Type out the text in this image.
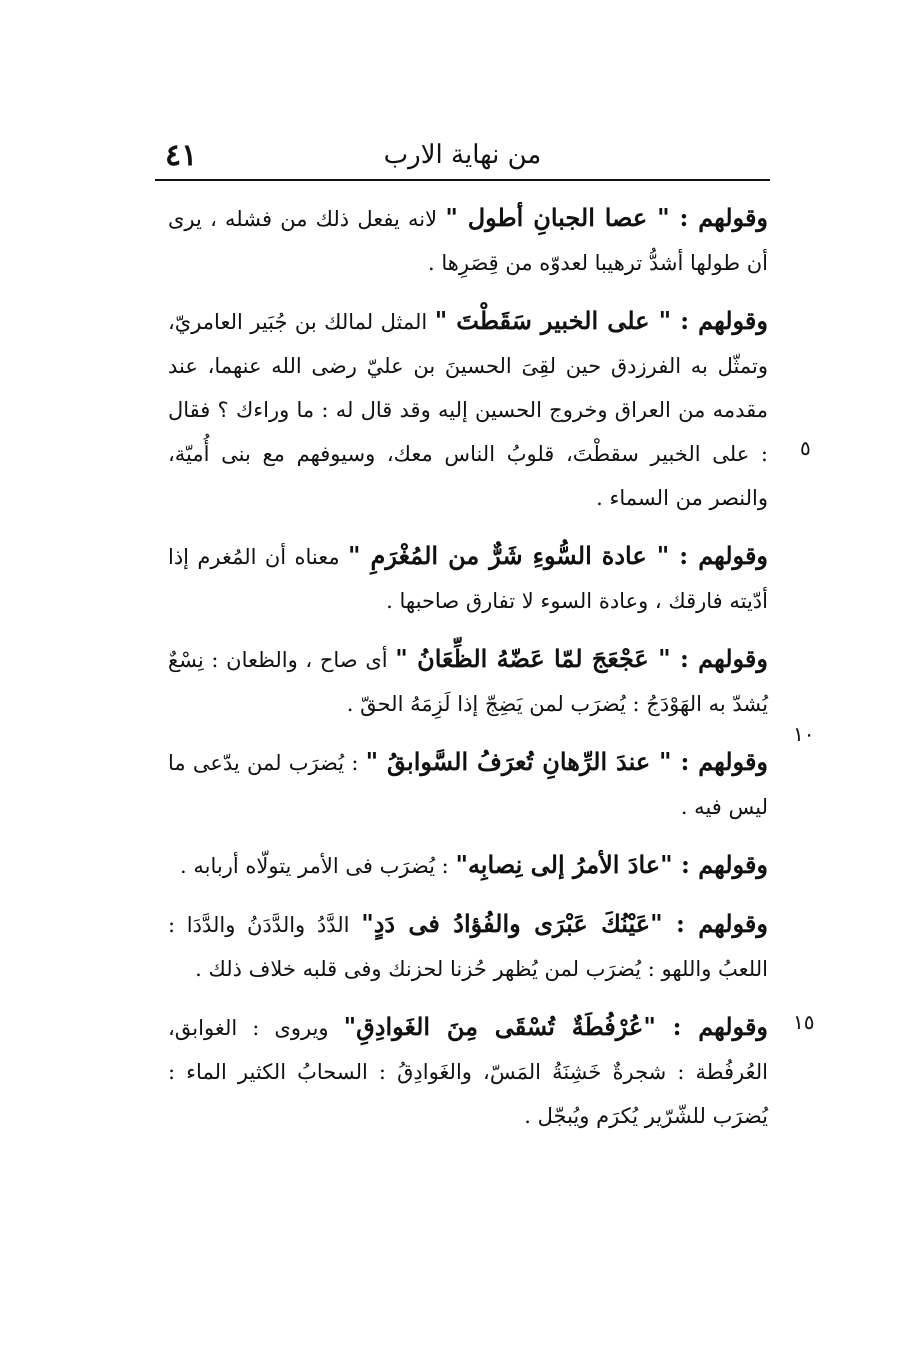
٤١	من نهاية الارب
٥
١٠
١٥

وقولهم : " عصا الجبانِ أطول " لانه يفعل ذلك من فشله ، يرى أن طولها أشدُّ ترهيبا لعدوّه من قِصَرِها .

وقولهم : " على الخبير سَقَطْتَ " المثل لمالك بن جُبَير العامريّ، وتمثّل به الفرزدق حين لقِىَ الحسينَ بن عليّ رضى الله عنهما، عند مقدمه من العراق وخروج الحسين إليه وقد قال له : ما وراءك ؟ فقال : على الخبير سقطْتَ، قلوبُ الناس معك، وسيوفهم مع بنى أُميّة، والنصر من السماء .

وقولهم : " عادة السُّوءِ شَرٌّ من المُغْرَمِ " معناه أن المُغرم إذا أدّيته فارقك ، وعادة السوء لا تفارق صاحبها .

وقولهم : " عَجْعَجَ لمّا عَضّهُ الظِّعَانُ " أى صاح ، والظعان : نِسْعٌ يُشدّ به الهَوْدَجُ : يُضرَب لمن يَضِجّ إذا لَزِمَهُ الحقّ .

وقولهم : " عندَ الرِّهانِ تُعرَفُ السَّوابقُ " : يُضرَب لمن يدّعى ما ليس فيه .

وقولهم : "عادَ الأمرُ إلى نِصابِه" : يُضرَب فى الأمر يتولّاه أربابه .

وقولهم : "عَيْنُكَ عَبْرَى والفُؤادُ فى دَدٍ" الدَّدُ والدَّدَنُ والدَّدَا : اللعبُ واللهو : يُضرَب لمن يُظهر حُزنا لحزنك وفى قلبه خلاف ذلك .

وقولهم : "عُرْفُطَةٌ تُسْقَى مِنَ الغَوادِقِ" ويروى : الغوابق، العُرفُطة : شجرةٌ خَشِنَةُ المَسّ، والغَوادِقُ : السحابُ الكثير الماء : يُضرَب للشّرّير يُكرَم ويُبجّل .
